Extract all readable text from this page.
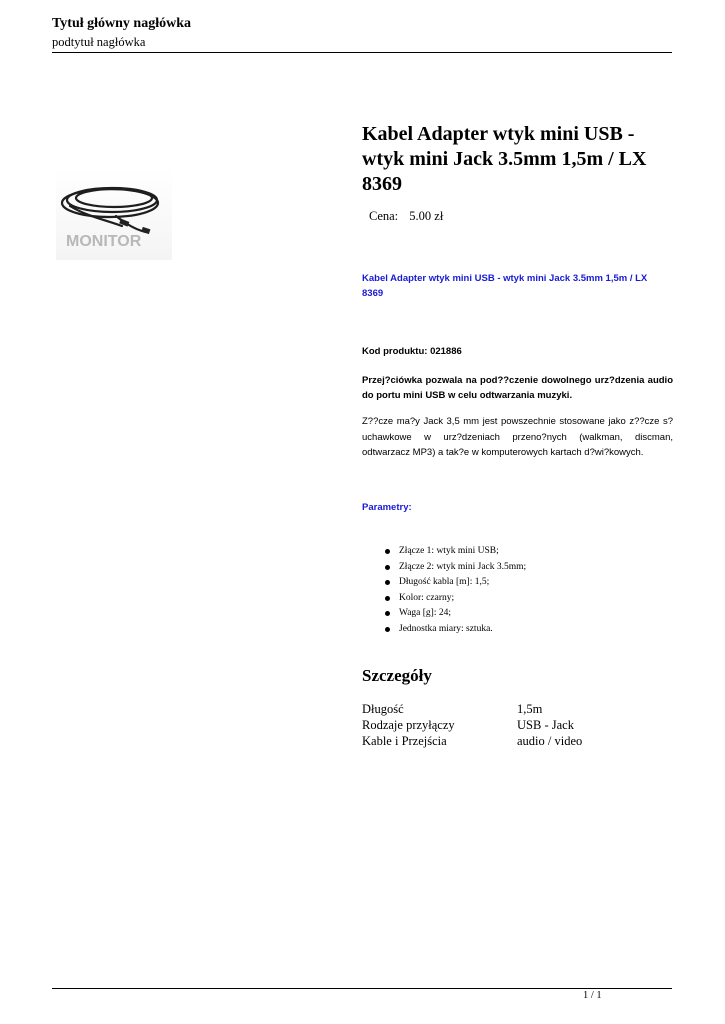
Tytuł główny nagłówka
podtytuł nagłówka
MONITOR
Kabel Adapter wtyk mini USB - wtyk mini Jack 3.5mm 1,5m / LX 8369
Cena: 5.00 zł
Kabel Adapter wtyk mini USB - wtyk mini Jack 3.5mm 1,5m / LX 8369
Kod produktu: 021886
Przej?ciówka pozwala na pod??czenie dowolnego urz?dzenia audio do portu mini USB w celu odtwarzania muzyki.
Z??cze ma?y Jack 3,5 mm jest powszechnie stosowane jako z??cze s?uchawkowe w urz?dzeniach przeno?nych (walkman, discman, odtwarzacz MP3) a tak?e w komputerowych kartach d?wi?kowych.
Parametry:
Złącze 1: wtyk mini USB;
Złącze 2: wtyk mini Jack 3.5mm;
Długość kabla [m]: 1,5;
Kolor: czarny;
Waga [g]: 24;
Jednostka miary: sztuka.
Szczegóły
Długość	1,5m
Rodzaje przyłączy	USB - Jack
Kable i Przejścia	audio / video
1 / 1
